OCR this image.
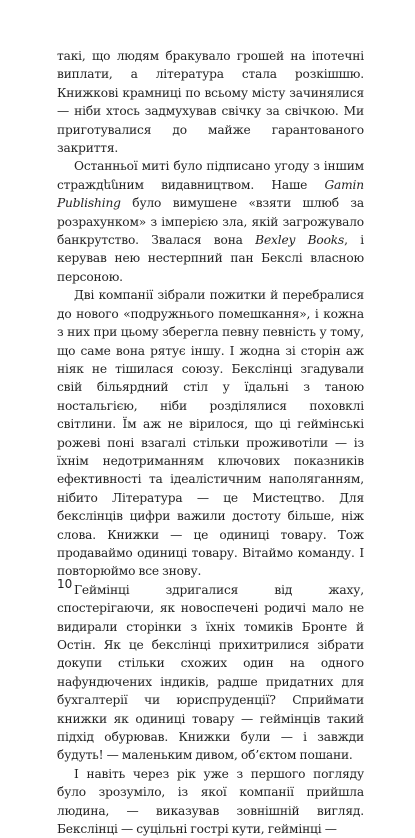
такі, що людям бракувало грошей на іпотечні виплати, а література стала розкішшю. Книжкові крамниці по всьому місту зачинялися — ніби хтось задмухував свічку за свічкою. Ми приготувалися до майже гарантованого закриття.

Останньої миті було підписано угоду з іншим страждենним видавництвом. Наше Gamin Publishing було вимушене «взяти шлюб за розрахунком» з імперією зла, якій загрожувало банкрутство. Звалася вона Bexley Books, і керував нею нестерпний пан Бекслі власною персоною.

Дві компанії зібрали пожитки й перебралися до нового «подружнього помешкання», і кожна з них при цьому зберегла певну певність у тому, що саме вона рятує іншу. І жодна зі сторін аж ніяк не тішилася союзу. Бекслінці згадували свій більярдний стіл у їдальні з таною ностальгією, ніби розділялися поховклі світлини. Їм аж не вірилося, що ці геймінські рожеві поні взагалі стільки проживотіли — із їхнім недотриманням ключових показників ефективності та ідеалістичним наполяганням, нібито Література — це Мистецтво. Для бекслінців цифри важили достоту більше, ніж слова. Книжки — це одиниці товару. Тож продаваймо одиниці товару. Вітаймо команду. І повторюймо все знову.

Геймінці здригалися від жаху, спостерігаючи, як новоспечені родичі мало не видирали сторінки з їхніх томиків Бронте й Остін. Як це бекслінці прихитрилися зібрати докупи стільки схожих один на одного нафундючених індиків, радше придатних для бухгалтерії чи юриспруденції? Сприймати книжки як одиниці товару — геймінців такий підхід обурював. Книжки були — і завжди будуть! — маленьким дивом, об’єктом пошани.

І навіть через рік уже з першого погляду було зрозуміло, із якої компанії прийшла людина, — виказував зовнішній вигляд. Бекслінці — суцільні гострі кути, геймінці —

10
